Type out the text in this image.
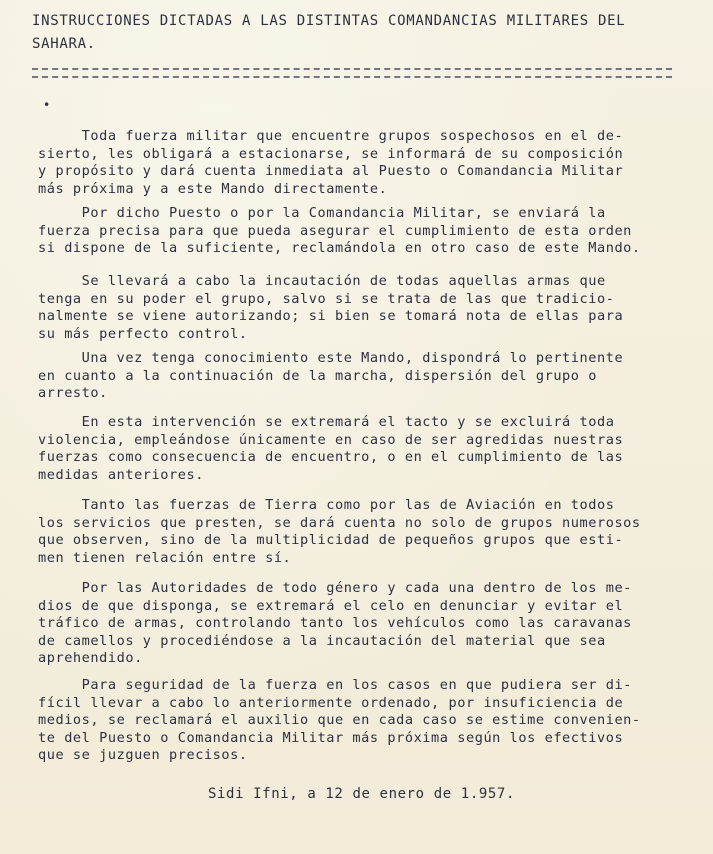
INSTRUCCIONES DICTADAS A LAS DISTINTAS COMANDANCIAS MILITARES DEL
SAHARA.
•

Toda fuerza militar que encuentre grupos sospechosos en el de-
sierto, les obligará a estacionarse, se informará de su composición
y propósito y dará cuenta inmediata al Puesto o Comandancia Militar
más próxima y a este Mando directamente.

Por dicho Puesto o por la Comandancia Militar, se enviará la
fuerza precisa para que pueda asegurar el cumplimiento de esta orden
si dispone de la suficiente, reclamándola en otro caso de este Mando.

Se llevará a cabo la incautación de todas aquellas armas que
tenga en su poder el grupo, salvo si se trata de las que tradicio-
nalmente se viene autorizando; si bien se tomará nota de ellas para
su más perfecto control.

Una vez tenga conocimiento este Mando, dispondrá lo pertinente
en cuanto a la continuación de la marcha, dispersión del grupo o
arresto.

En esta intervención se extremará el tacto y se excluirá toda
violencia, empleándose únicamente en caso de ser agredidas nuestras
fuerzas como consecuencia de encuentro, o en el cumplimiento de las
medidas anteriores.

Tanto las fuerzas de Tierra como por las de Aviación en todos
los servicios que presten, se dará cuenta no solo de grupos numerosos
que observen, sino de la multiplicidad de pequeños grupos que esti-
men tienen relación entre sí.

Por las Autoridades de todo género y cada una dentro de los me-
dios de que disponga, se extremará el celo en denunciar y evitar el
tráfico de armas, controlando tanto los vehículos como las caravanas
de camellos y procediéndose a la incautación del material que sea
aprehendido.

Para seguridad de la fuerza en los casos en que pudiera ser di-
fícil llevar a cabo lo anteriormente ordenado, por insuficiencia de
medios, se reclamará el auxilio que en cada caso se estime convenien-
te del Puesto o Comandancia Militar más próxima según los efectivos
que se juzguen precisos.

Sidi Ifni, a 12 de enero de 1.957.
